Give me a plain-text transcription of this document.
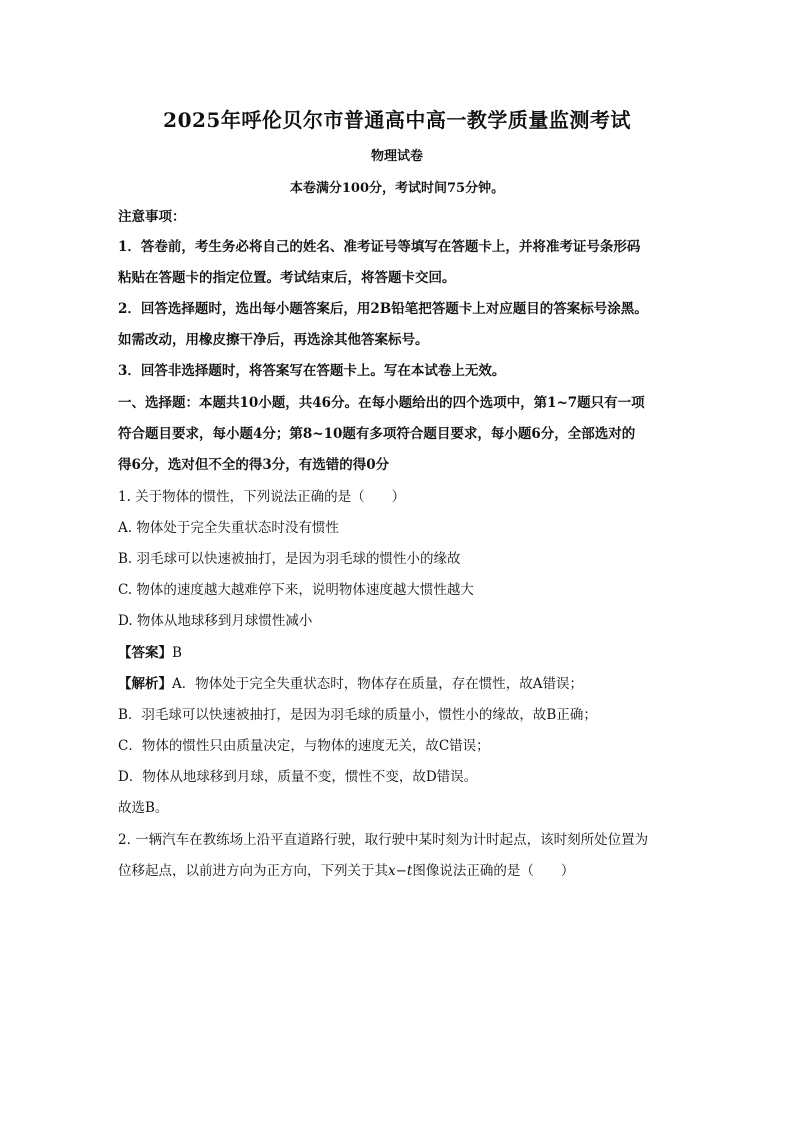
2025年呼伦贝尔市普通高中高一教学质量监测考试
物理试卷
本卷满分100分，考试时间75分钟。
注意事项：
1．答卷前，考生务必将自己的姓名、准考证号等填写在答题卡上，并将准考证号条形码
粘贴在答题卡的指定位置。考试结束后，将答题卡交回。
2．回答选择题时，选出每小题答案后，用2B铅笔把答题卡上对应题目的答案标号涂黑。
如需改动，用橡皮擦干净后，再选涂其他答案标号。
3．回答非选择题时，将答案写在答题卡上。写在本试卷上无效。
一、选择题：本题共10小题，共46分。在每小题给出的四个选项中，第1~7题只有一项
符合题目要求，每小题4分；第8~10题有多项符合题目要求，每小题6分，全部选对的
得6分，选对但不全的得3分，有选错的得0分
1. 关于物体的惯性，下列说法正确的是（　　）
A. 物体处于完全失重状态时没有惯性
B. 羽毛球可以快速被抽打，是因为羽毛球的惯性小的缘故
C. 物体的速度越大越难停下来，说明物体速度越大惯性越大
D. 物体从地球移到月球惯性减小
【答案】B
【解析】A．物体处于完全失重状态时，物体存在质量，存在惯性，故A错误；
B．羽毛球可以快速被抽打，是因为羽毛球的质量小，惯性小的缘故，故B正确；
C．物体的惯性只由质量决定，与物体的速度无关，故C错误；
D．物体从地球移到月球，质量不变，惯性不变，故D错误。
故选B。
2. 一辆汽车在教练场上沿平直道路行驶，取行驶中某时刻为计时起点，该时刻所处位置为
位移起点，以前进方向为正方向，下列关于其x−t图像说法正确的是（　　）
